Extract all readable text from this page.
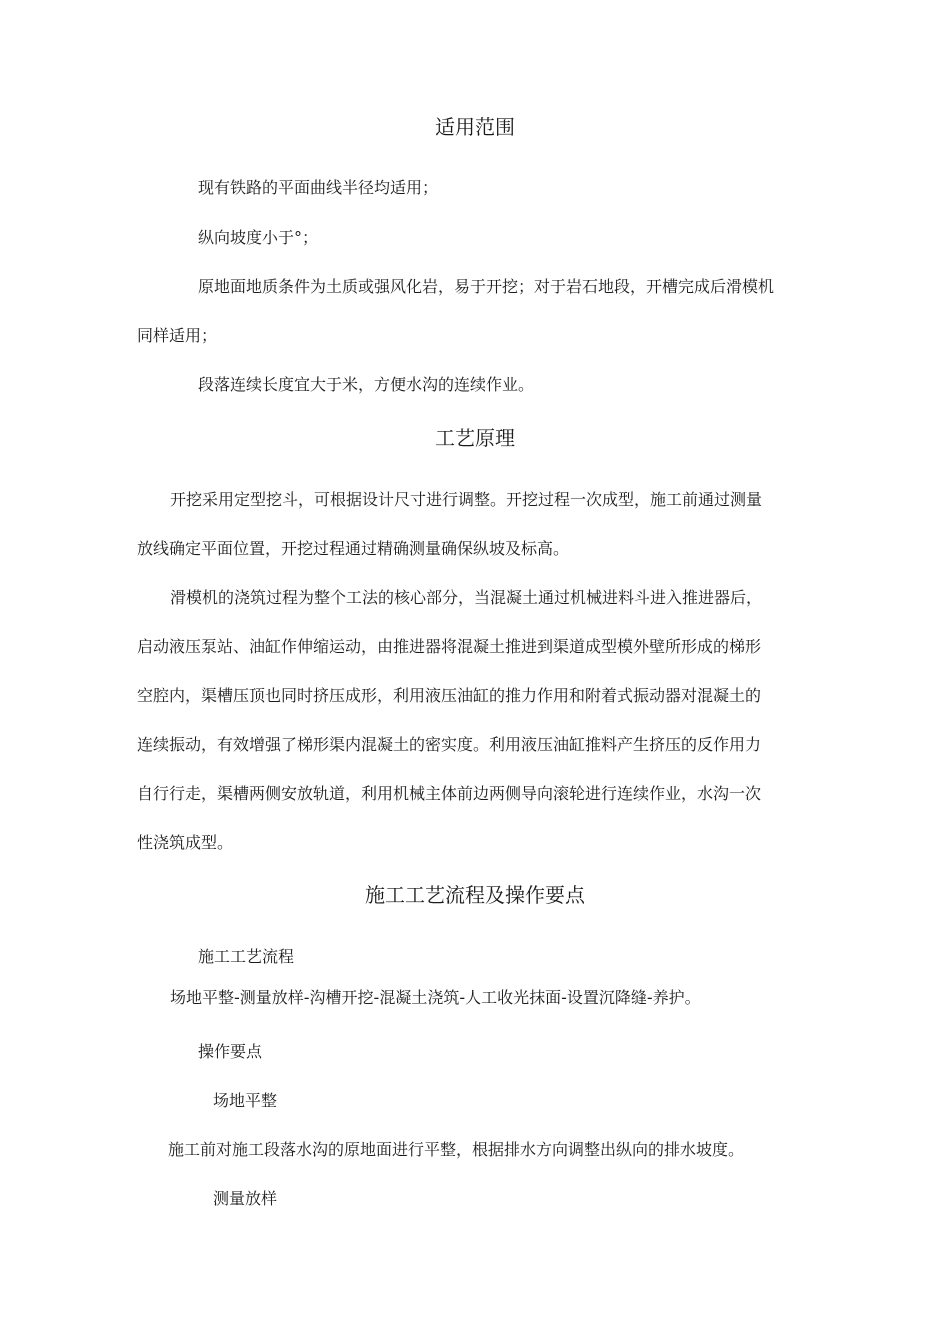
适用范围

现有铁路的平面曲线半径均适用；

纵向坡度小于°；

原地面地质条件为土质或强风化岩，易于开挖；对于岩石地段，开槽完成后滑模机

同样适用；

段落连续长度宜大于米，方便水沟的连续作业。

工艺原理

开挖采用定型挖斗，可根据设计尺寸进行调整。开挖过程一次成型，施工前通过测量

放线确定平面位置，开挖过程通过精确测量确保纵坡及标高。

滑模机的浇筑过程为整个工法的核心部分，当混凝土通过机械进料斗进入推进器后，

启动液压泵站、油缸作伸缩运动，由推进器将混凝土推进到渠道成型模外壁所形成的梯形

空腔内，渠槽压顶也同时挤压成形，利用液压油缸的推力作用和附着式振动器对混凝土的

连续振动，有效增强了梯形渠内混凝土的密实度。利用液压油缸推料产生挤压的反作用力

自行行走，渠槽两侧安放轨道，利用机械主体前边两侧导向滚轮进行连续作业，水沟一次

性浇筑成型。

施工工艺流程及操作要点

施工工艺流程

场地平整-测量放样-沟槽开挖-混凝土浇筑-人工收光抹面-设置沉降缝-养护。

操作要点

场地平整

施工前对施工段落水沟的原地面进行平整，根据排水方向调整出纵向的排水坡度。

测量放样
